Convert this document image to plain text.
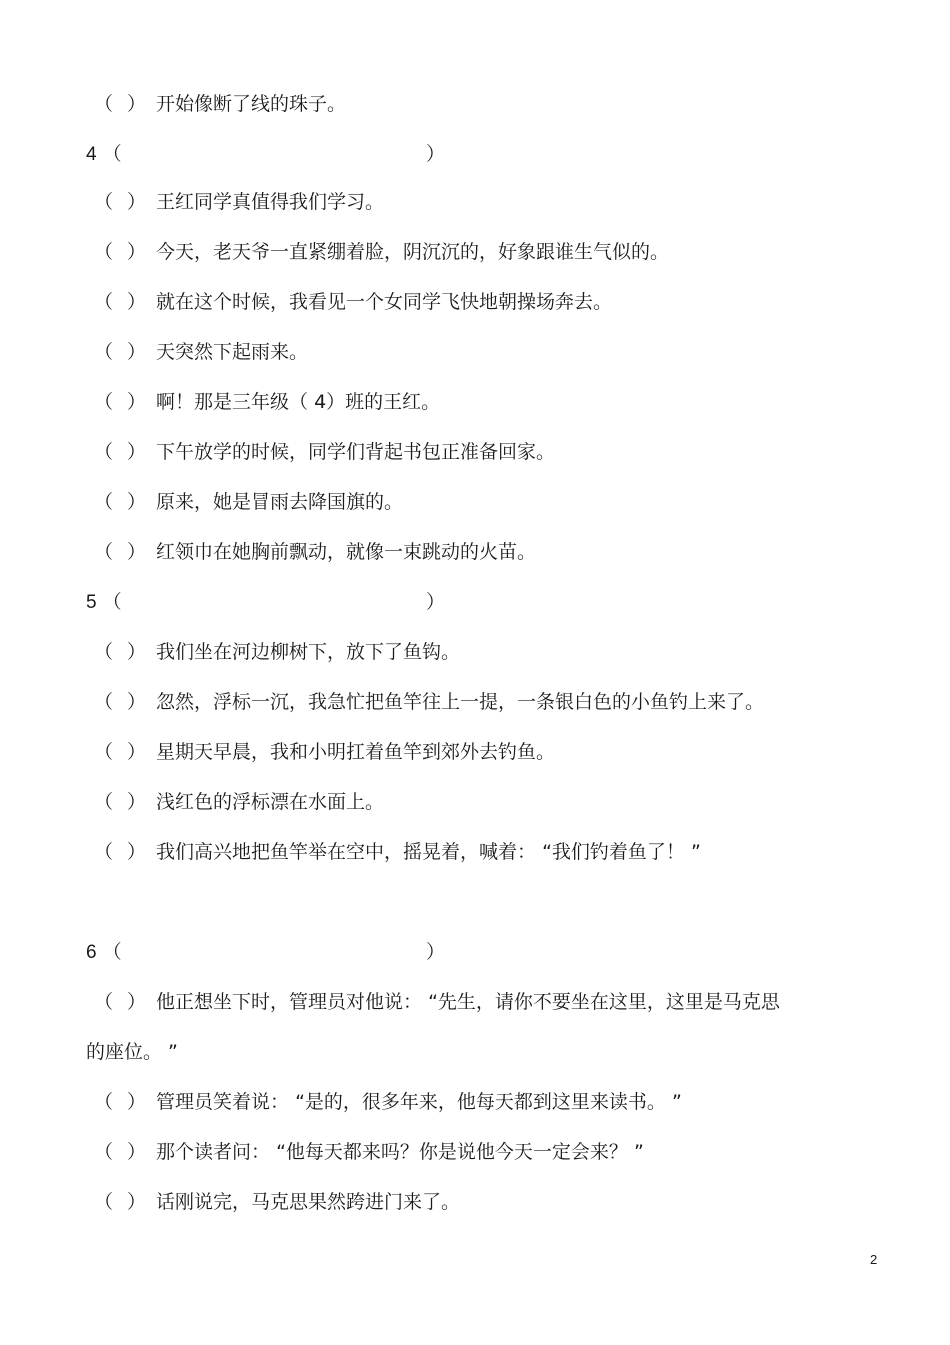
（ ） 开始像断了线的珠子。
4 （	）
（ ） 王红同学真值得我们学习。
（ ） 今天，老天爷一直紧绷着脸，阴沉沉的，好象跟谁生气似的。
（ ） 就在这个时候，我看见一个女同学飞快地朝操场奔去。
（ ） 天突然下起雨来。
（ ） 啊！那是三年级（ 4）班的王红。
（ ） 下午放学的时候，同学们背起书包正准备回家。
（ ） 原来，她是冒雨去降国旗的。
（ ） 红领巾在她胸前飘动，就像一束跳动的火苗。
5 （	）
（ ） 我们坐在河边柳树下，放下了鱼钩。
（ ） 忽然，浮标一沉，我急忙把鱼竿往上一提，一条银白色的小鱼钓上来了。
（ ） 星期天早晨，我和小明扛着鱼竿到郊外去钓鱼。
（ ） 浅红色的浮标漂在水面上。
（ ） 我们高兴地把鱼竿举在空中，摇晃着，喊着： “我们钓着鱼了！ ”
6 （	）
（ ） 他正想坐下时，管理员对他说： “先生，请你不要坐在这里，这里是马克思
的座位。 ”
（ ） 管理员笑着说： “是的，很多年来，他每天都到这里来读书。 ”
（ ） 那个读者问： “他每天都来吗？你是说他今天一定会来？ ”
（ ） 话刚说完，马克思果然跨进门来了。
2
